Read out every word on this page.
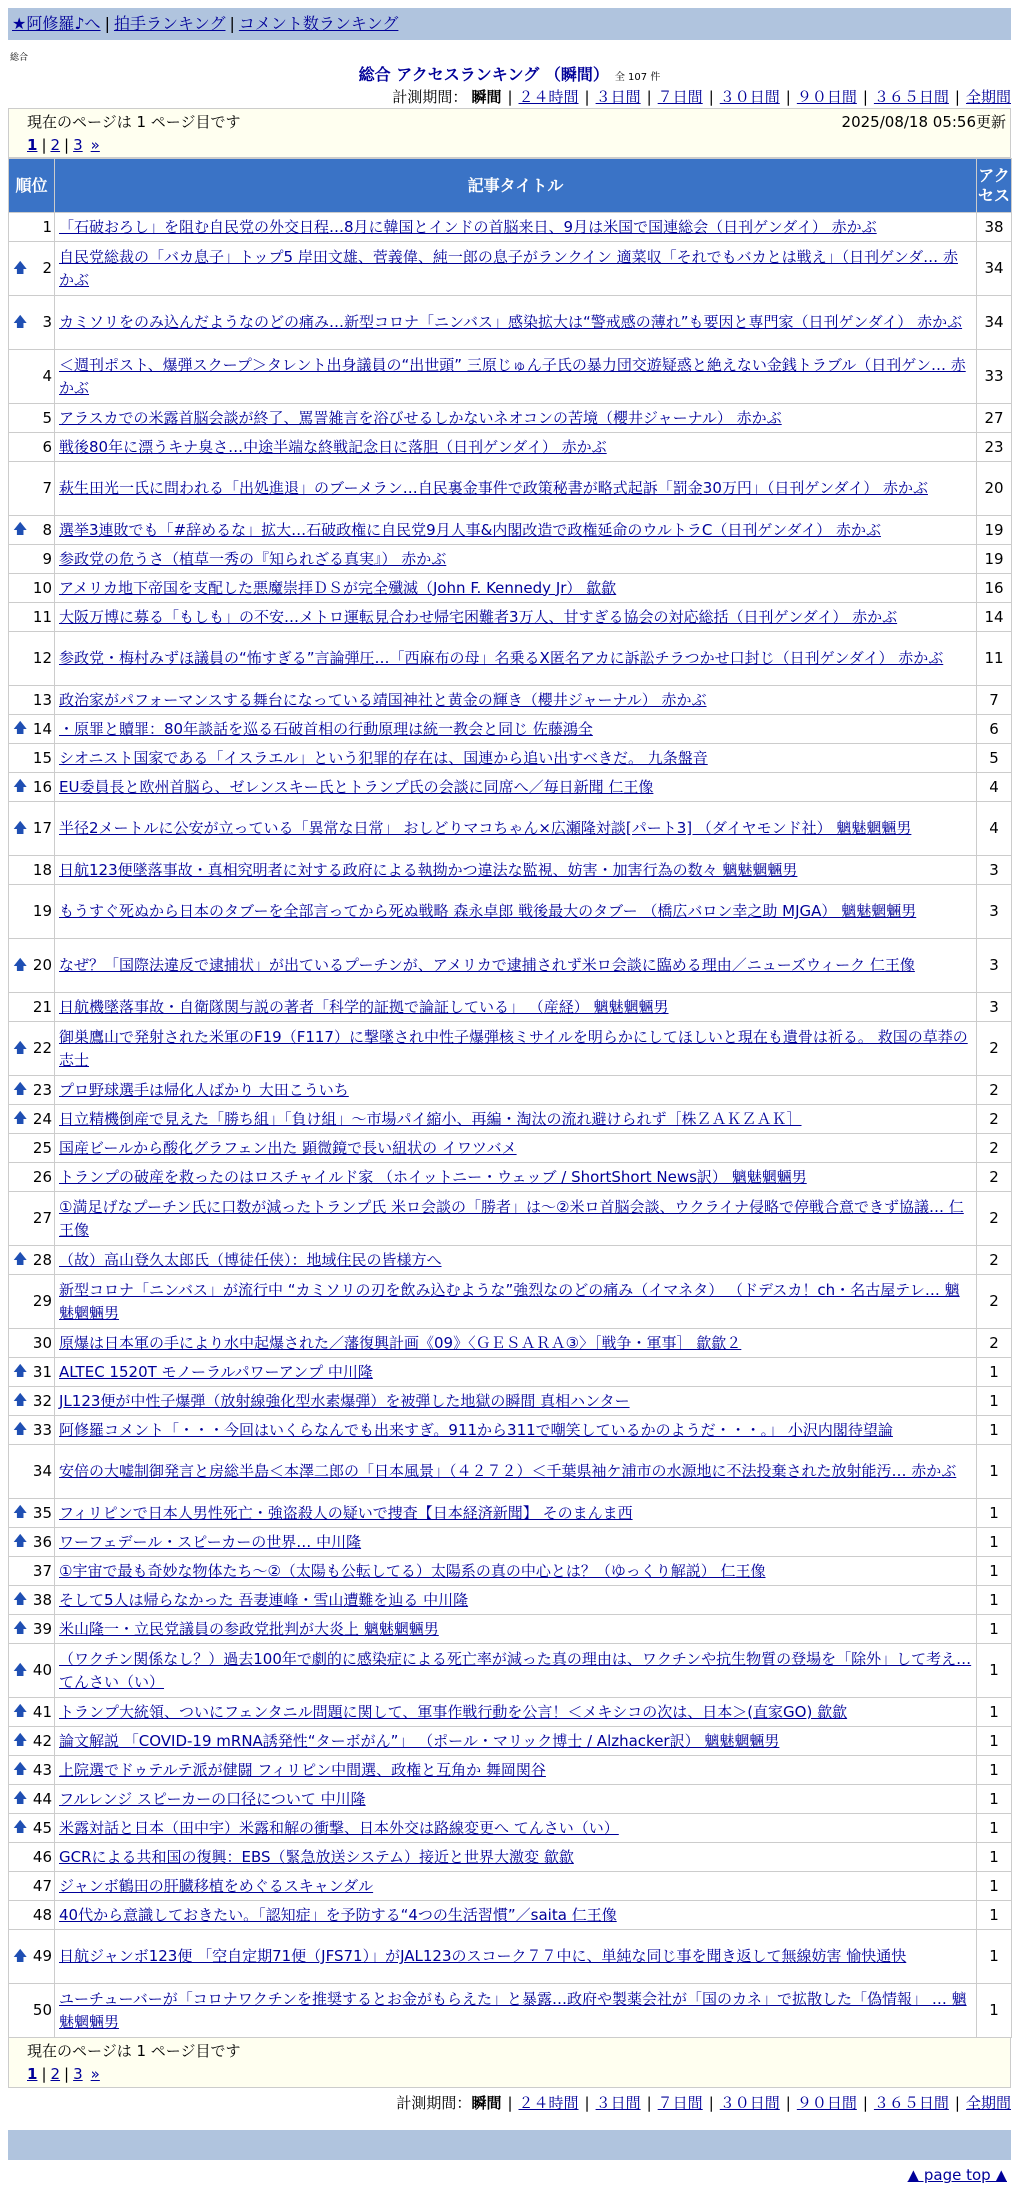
★阿修羅♪へ | 拍手ランキング | コメント数ランキング
総合
総合 アクセスランキング （瞬間） 全 107 件
計測期間： 瞬間 | ２４時間 | ３日間 | ７日間 | ３０日間 | ９０日間 | ３６５日間 | 全期間
現在のページは 1 ページ目です	2025/08/18 05:56更新
1 | 2 | 3 »
順位	記事タイトル	アクセス
1	「石破おろし」を阻む自民党の外交日程…8月に韓国とインドの首脳来日、9月は米国で国連総会（日刊ゲンダイ） 赤かぶ	38

🡅 2	自民党総裁の「バカ息子」トップ5 岸田文雄、菅義偉、純一郎の息子がランクイン 適菜収「それでもバカとは戦え」（日刊ゲンダ… 赤かぶ	34

🡅 3	カミソリをのみ込んだようなのどの痛み…新型コロナ「ニンバス」感染拡大は“警戒感の薄れ”も要因と専門家（日刊ゲンダイ） 赤かぶ	34
4	＜週刊ポスト、爆弾スクープ＞タレント出身議員の“出世頭” 三原じゅん子氏の暴力団交遊疑惑と絶えない金銭トラブル（日刊ゲン… 赤かぶ	33
5	アラスカでの米露首脳会談が終了、罵詈雑言を浴びせるしかないネオコンの苦境（櫻井ジャーナル） 赤かぶ	27
6	戦後80年に漂うキナ臭さ…中途半端な終戦記念日に落胆（日刊ゲンダイ） 赤かぶ	23
7	萩生田光一氏に問われる「出処進退」のブーメラン…自民裏金事件で政策秘書が略式起訴「罰金30万円」（日刊ゲンダイ） 赤かぶ	20

🡅 8	選挙3連敗でも「#辞めるな」拡大…石破政権に自民党9月人事&内閣改造で政権延命のウルトラC（日刊ゲンダイ） 赤かぶ	19
9	参政党の危うさ（植草一秀の『知られざる真実』） 赤かぶ	19
10	アメリカ地下帝国を支配した悪魔崇拝ＤＳが完全殲滅（John F. Kennedy Jr） 歙歙	16
11	大阪万博に募る「もしも」の不安…メトロ運転見合わせ帰宅困難者3万人、甘すぎる協会の対応総括（日刊ゲンダイ） 赤かぶ	14
12	参政党・梅村みずほ議員の“怖すぎる”言論弾圧…「西麻布の母」名乗るX匿名アカに訴訟チラつかせ口封じ（日刊ゲンダイ） 赤かぶ	11
13	政治家がパフォーマンスする舞台になっている靖国神社と黄金の輝き（櫻井ジャーナル） 赤かぶ	7

🡅 14	・原罪と贖罪：80年談話を巡る石破首相の行動原理は統一教会と同じ 佐藤鴻全	6
15	シオニスト国家である「イスラエル」という犯罪的存在は、国連から追い出すべきだ。 九条盤音	5

🡅 16	EU委員長と欧州首脳ら、ゼレンスキー氏とトランプ氏の会談に同席へ／毎日新聞 仁王像	4

🡅 17	半径2メートルに公安が立っている「異常な日常」 おしどりマコちゃん×広瀬隆対談[パート3] （ダイヤモンド社） 魑魅魍魎男	4
18	日航123便墜落事故・真相究明者に対する政府による執拗かつ違法な監視、妨害・加害行為の数々 魑魅魍魎男	3
19	もうすぐ死ぬから日本のタブーを全部言ってから死ぬ戦略 森永卓郎 戦後最大のタブー （橋広バロン幸之助 MJGA） 魑魅魍魎男	3

🡅 20	なぜ？「国際法違反で逮捕状」が出ているプーチンが、アメリカで逮捕されず米ロ会談に臨める理由／ニューズウィーク 仁王像	3
21	日航機墜落事故・自衛隊関与説の著者「科学的証拠で論証している」 （産経） 魑魅魍魎男	3

🡅 22	御巣鷹山で発射された米軍のF19（F117）に撃墜され中性子爆弾核ミサイルを明らかにしてほしいと現在も遺骨は祈る。 救国の草莽の志士	2

🡅 23	プロ野球選手は帰化人ばかり 大田こういち	2

🡅 24	日立精機倒産で見えた「勝ち組」「負け組」～市場パイ縮小、再編・淘汰の流れ避けられず［株ＺＡＫＺＡＫ］	2
25	国産ビールから酸化グラフェン出た 顕微鏡で長い紐状の イワツバメ	2
26	トランプの破産を救ったのはロスチャイルド家 （ホイットニー・ウェッブ / ShortShort News訳） 魑魅魍魎男	2
27	①満足げなプーチン氏に口数が減ったトランプ氏 米ロ会談の「勝者」は～②米ロ首脳会談、ウクライナ侵略で停戦合意できず協議… 仁王像	2

🡅 28	（故）高山登久太郎氏（博徒任侠）：地域住民の皆様方へ	2
29	新型コロナ「ニンバス」が流行中 “カミソリの刃を飲み込むような”強烈なのどの痛み（イマネタ） （ドデスカ！ch・名古屋テレ… 魑魅魍魎男	2
30	原爆は日本軍の手により水中起爆された／藩復興計画《09》〈ＧＥＳＡＲＡ③〉［戦争・軍事］ 歙歙２	2

🡅 31	ALTEC 1520T モノーラルパワーアンプ 中川隆	1

🡅 32	JL123便が中性子爆弾（放射線強化型水素爆弾）を被弾した地獄の瞬間 真相ハンター	1

🡅 33	阿修羅コメント「・・・今回はいくらなんでも出来すぎ。911から311で嘲笑しているかのようだ・・・。」 小沢内閣待望論	1
34	安倍の大嘘制御発言と房総半島＜本澤二郎の「日本風景」（４２７２）＜千葉県袖ケ浦市の水源地に不法投棄された放射能汚… 赤かぶ	1

🡅 35	フィリピンで日本人男性死亡・強盗殺人の疑いで捜査【日本経済新聞】 そのまんま西	1

🡅 36	ワーフェデール・スピーカーの世界… 中川隆	1
37	①宇宙で最も奇妙な物体たち〜②（太陽も公転してる）太陽系の真の中心とは？（ゆっくり解説） 仁王像	1

🡅 38	そして5人は帰らなかった 吾妻連峰・雪山遭難を辿る 中川隆	1

🡅 39	米山隆一・立民党議員の参政党批判が大炎上 魑魅魍魎男	1

🡅 40	（ワクチン関係なし？）過去100年で劇的に感染症による死亡率が減った真の理由は、ワクチンや抗生物質の登場を「除外」して考え… てんさい（い）	1

🡅 41	トランプ大統領、ついにフェンタニル問題に関して、軍事作戦行動を公言！＜メキシコの次は、日本＞(直家GO) 歙歙	1

🡅 42	論文解説 「COVID-19 mRNA誘発性“ターボがん”」 （ポール・マリック博士 / Alzhacker訳） 魑魅魍魎男	1

🡅 43	上院選でドゥテルテ派が健闘 フィリピン中間選、政権と互角か 舞岡関谷	1

🡅 44	フルレンジ スピーカーの口径について 中川隆	1

🡅 45	米露対話と日本（田中宇）米露和解の衝撃、日本外交は路線変更へ てんさい（い）	1
46	GCRによる共和国の復興：EBS（緊急放送システム）接近と世界大激変 歙歙	1
47	ジャンボ鶴田の肝臓移植をめぐるスキャンダル	1
48	40代から意識しておきたい。「認知症」を予防する“4つの生活習慣”／saita 仁王像	1

🡅 49	日航ジャンボ123便 「空自定期71便（JFS71）」がJAL123のスコーク７７中に、単純な同じ事を聞き返して無線妨害 愉快通快	1
50	ユーチューバーが「コロナワクチンを推奨するとお金がもらえた」と暴露…政府や製薬会社が「国のカネ」で拡散した「偽情報」 … 魑魅魍魎男	1
現在のページは 1 ページ目です
1 | 2 | 3 »
計測期間：瞬間 | ２４時間 | ３日間 | ７日間 | ３０日間 | ９０日間 | ３６５日間 | 全期間
▲ page top ▲
